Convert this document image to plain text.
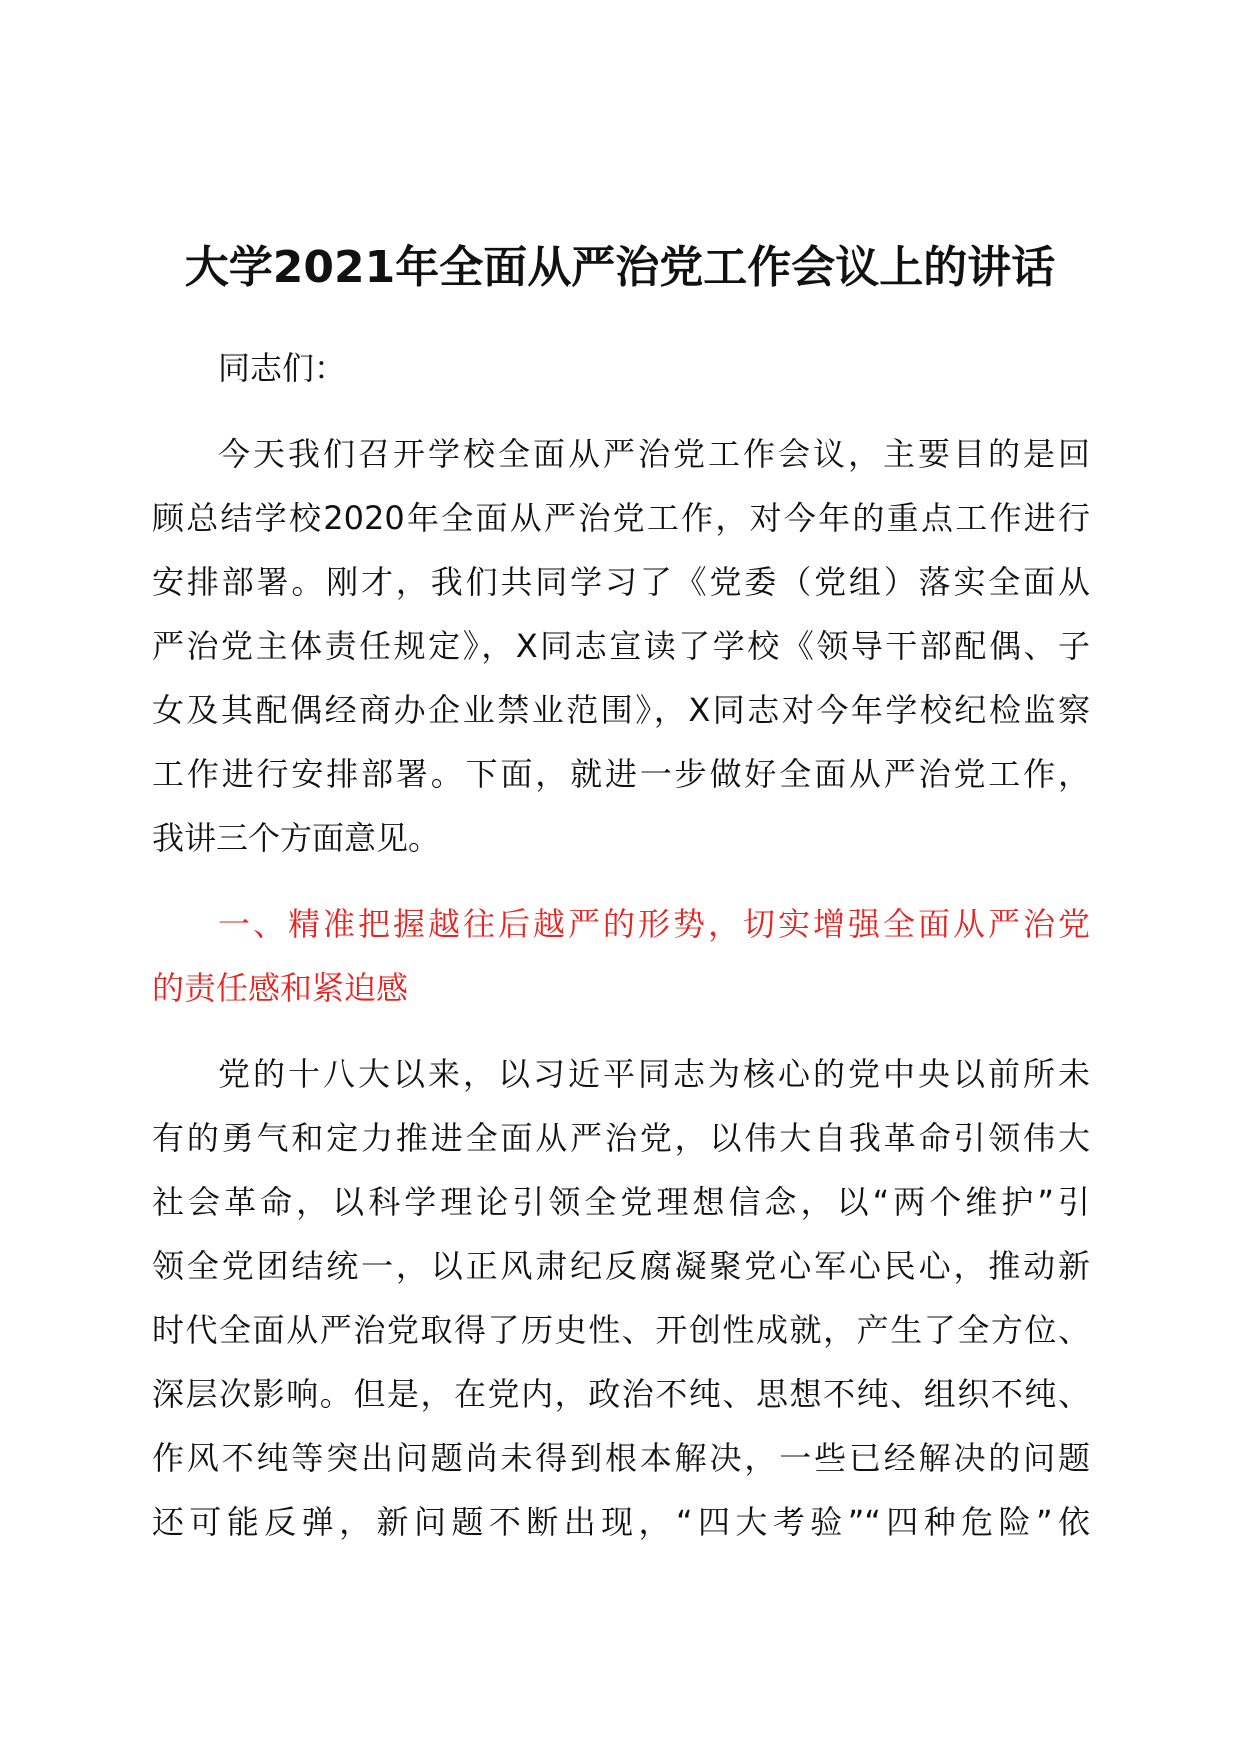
大学2021年全面从严治党工作会议上的讲话
同志们：
今天我们召开学校全面从严治党工作会议，主要目的是回
顾总结学校2020年全面从严治党工作，对今年的重点工作进行
安排部署。刚才，我们共同学习了《党委（党组）落实全面从
严治党主体责任规定》，X同志宣读了学校《领导干部配偶、子
女及其配偶经商办企业禁业范围》，X同志对今年学校纪检监察
工作进行安排部署。下面，就进一步做好全面从严治党工作，
我讲三个方面意见。
一、精准把握越往后越严的形势，切实增强全面从严治党
的责任感和紧迫感
党的十八大以来，以习近平同志为核心的党中央以前所未
有的勇气和定力推进全面从严治党，以伟大自我革命引领伟大
社会革命，以科学理论引领全党理想信念，以“两个维护”引
领全党团结统一，以正风肃纪反腐凝聚党心军心民心，推动新
时代全面从严治党取得了历史性、开创性成就，产生了全方位、
深层次影响。但是，在党内，政治不纯、思想不纯、组织不纯、
作风不纯等突出问题尚未得到根本解决，一些已经解决的问题
还可能反弹，新问题不断出现，“四大考验”“四种危险”依
